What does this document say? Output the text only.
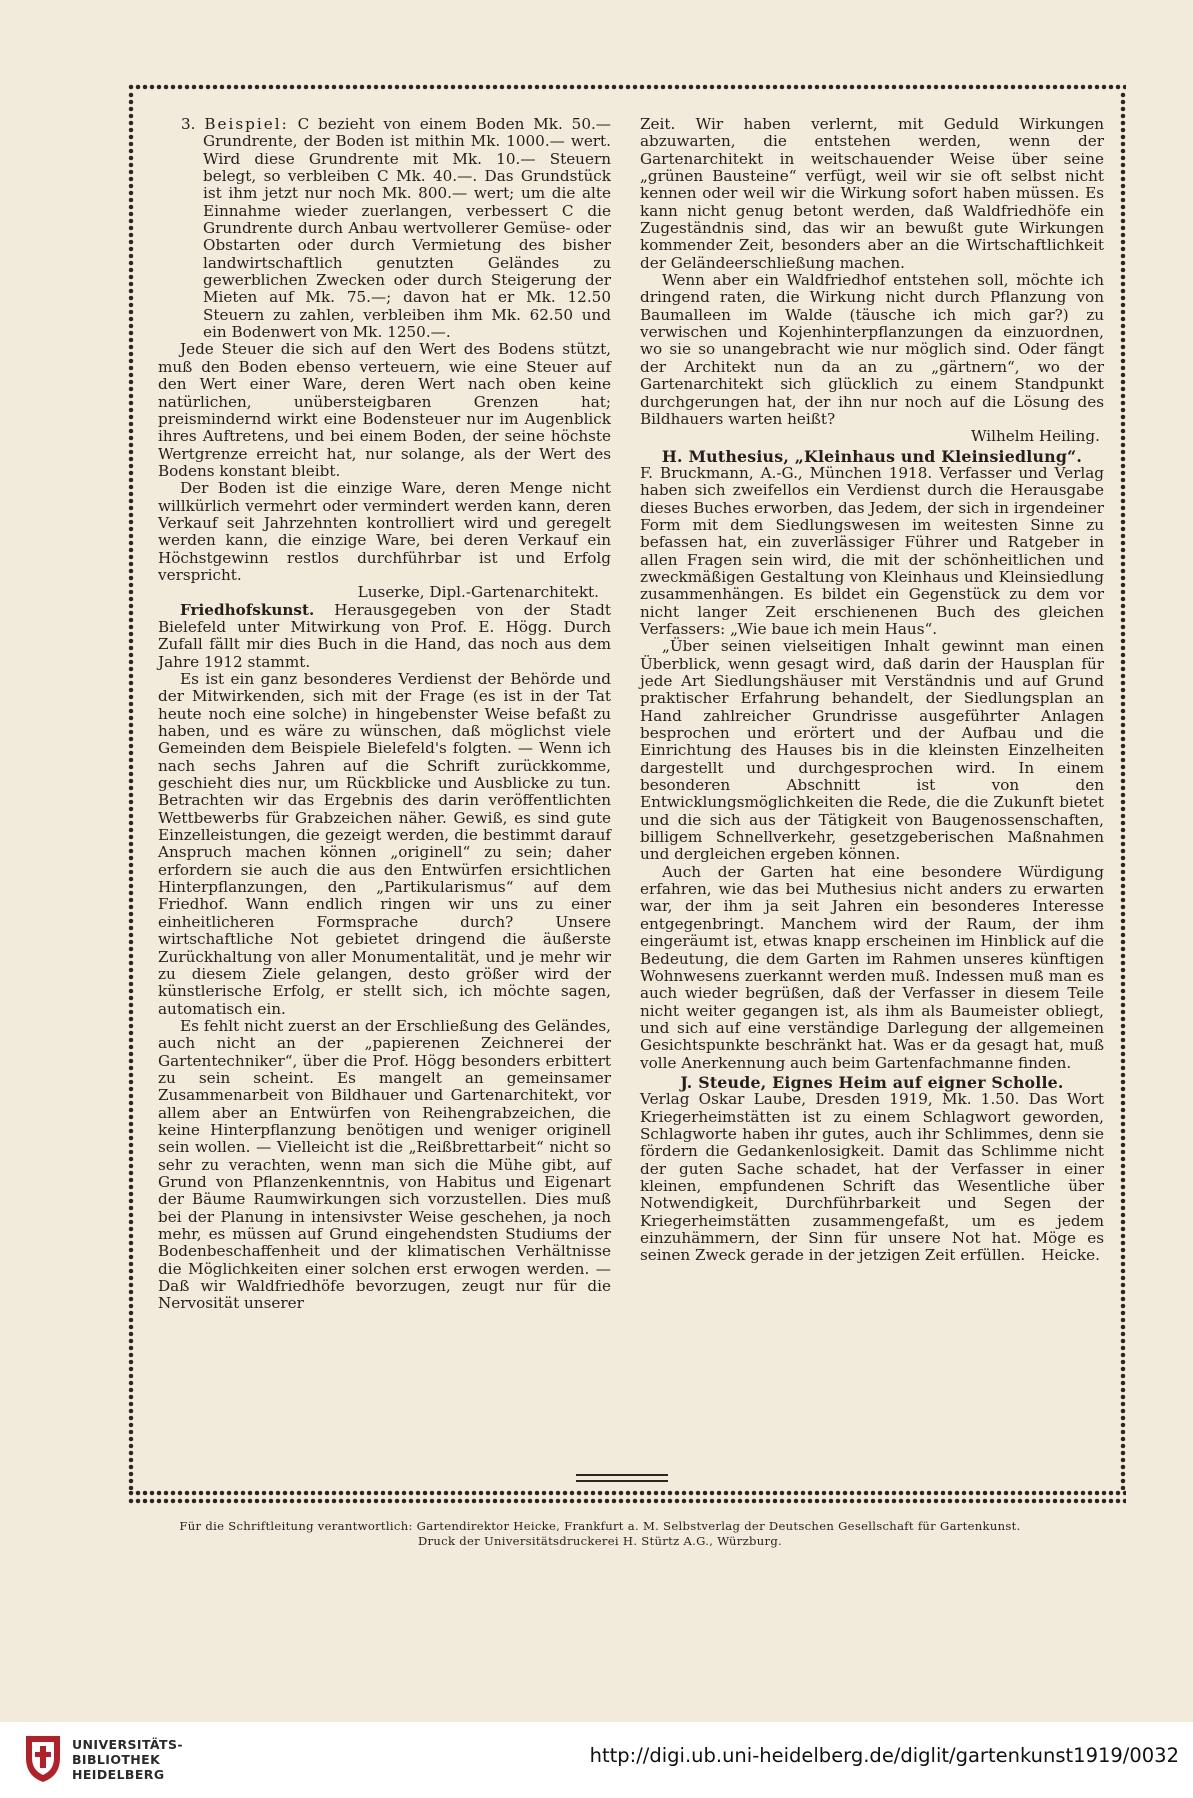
3. Beispiel: C bezieht von einem Boden Mk. 50.— Grundrente, der Boden ist mithin Mk. 1000.— wert. Wird diese Grundrente mit Mk. 10.— Steuern belegt, so verbleiben C Mk. 40.—. Das Grundstück ist ihm jetzt nur noch Mk. 800.— wert; um die alte Einnahme wieder zuerlangen, verbessert C die Grundrente durch Anbau wertvollerer Gemüse- oder Obstarten oder durch Vermietung des bisher landwirtschaftlich genutzten Geländes zu gewerblichen Zwecken oder durch Steigerung der Mieten auf Mk. 75.—; davon hat er Mk. 12.50 Steuern zu zahlen, verbleiben ihm Mk. 62.50 und ein Bodenwert von Mk. 1250.—.

Jede Steuer die sich auf den Wert des Bodens stützt, muß den Boden ebenso verteuern, wie eine Steuer auf den Wert einer Ware, deren Wert nach oben keine natürlichen, unübersteigbaren Grenzen hat; preismindernd wirkt eine Bodensteuer nur im Augenblick ihres Auftretens, und bei einem Boden, der seine höchste Wertgrenze erreicht hat, nur solange, als der Wert des Bodens konstant bleibt.

Der Boden ist die einzige Ware, deren Menge nicht willkürlich vermehrt oder vermindert werden kann, deren Verkauf seit Jahrzehnten kontrolliert wird und geregelt werden kann, die einzige Ware, bei deren Verkauf ein Höchstgewinn restlos durchführbar ist und Erfolg verspricht.

Luserke, Dipl.-Gartenarchitekt.

Friedhofskunst. Herausgegeben von der Stadt Bielefeld unter Mitwirkung von Prof. E. Högg. Durch Zufall fällt mir dies Buch in die Hand, das noch aus dem Jahre 1912 stammt.

Es ist ein ganz besonderes Verdienst der Behörde und der Mitwirkenden, sich mit der Frage (es ist in der Tat heute noch eine solche) in hingebenster Weise befaßt zu haben, und es wäre zu wünschen, daß möglichst viele Gemeinden dem Beispiele Bielefeld's folgten. — Wenn ich nach sechs Jahren auf die Schrift zurückkomme, geschieht dies nur, um Rückblicke und Ausblicke zu tun. Betrachten wir das Ergebnis des darin veröffentlichten Wettbewerbs für Grabzeichen näher. Gewiß, es sind gute Einzelleistungen, die gezeigt werden, die bestimmt darauf Anspruch machen können „originell“ zu sein; daher erfordern sie auch die aus den Entwürfen ersichtlichen Hinterpflanzungen, den „Partikularismus“ auf dem Friedhof. Wann endlich ringen wir uns zu einer einheitlicheren Formsprache durch? Unsere wirtschaftliche Not gebietet dringend die äußerste Zurückhaltung von aller Monumentalität, und je mehr wir zu diesem Ziele gelangen, desto größer wird der künstlerische Erfolg, er stellt sich, ich möchte sagen, automatisch ein.

Es fehlt nicht zuerst an der Erschließung des Geländes, auch nicht an der „papierenen Zeichnerei der Gartentechniker“, über die Prof. Högg besonders erbittert zu sein scheint. Es mangelt an gemeinsamer Zusammenarbeit von Bildhauer und Gartenarchitekt, vor allem aber an Entwürfen von Reihengrabzeichen, die keine Hinterpflanzung benötigen und weniger originell sein wollen. — Vielleicht ist die „Reißbrettarbeit“ nicht so sehr zu verachten, wenn man sich die Mühe gibt, auf Grund von Pflanzenkenntnis, von Habitus und Eigenart der Bäume Raumwirkungen sich vorzustellen. Dies muß bei der Planung in intensivster Weise geschehen, ja noch mehr, es müssen auf Grund eingehendsten Studiums der Bodenbeschaffenheit und der klimatischen Verhältnisse die Möglichkeiten einer solchen erst erwogen werden. — Daß wir Waldfriedhöfe bevorzugen, zeugt nur für die Nervosität unserer

Zeit. Wir haben verlernt, mit Geduld Wirkungen abzuwarten, die entstehen werden, wenn der Gartenarchitekt in weitschauender Weise über seine „grünen Bausteine“ verfügt, weil wir sie oft selbst nicht kennen oder weil wir die Wirkung sofort haben müssen. Es kann nicht genug betont werden, daß Waldfriedhöfe ein Zugeständnis sind, das wir an bewußt gute Wirkungen kommender Zeit, besonders aber an die Wirtschaftlichkeit der Geländeerschließung machen.

Wenn aber ein Waldfriedhof entstehen soll, möchte ich dringend raten, die Wirkung nicht durch Pflanzung von Baumalleen im Walde (täusche ich mich gar?) zu verwischen und Kojenhinterpflanzungen da einzuordnen, wo sie so unangebracht wie nur möglich sind. Oder fängt der Architekt nun da an zu „gärtnern“, wo der Gartenarchitekt sich glücklich zu einem Standpunkt durchgerungen hat, der ihn nur noch auf die Lösung des Bildhauers warten heißt?

Wilhelm Heiling.

H. Muthesius, „Kleinhaus und Kleinsiedlung“.

F. Bruckmann, A.-G., München 1918. Verfasser und Verlag haben sich zweifellos ein Verdienst durch die Herausgabe dieses Buches erworben, das Jedem, der sich in irgendeiner Form mit dem Siedlungswesen im weitesten Sinne zu befassen hat, ein zuverlässiger Führer und Ratgeber in allen Fragen sein wird, die mit der schönheitlichen und zweckmäßigen Gestaltung von Kleinhaus und Kleinsiedlung zusammenhängen. Es bildet ein Gegenstück zu dem vor nicht langer Zeit erschienenen Buch des gleichen Verfassers: „Wie baue ich mein Haus“.

„Über seinen vielseitigen Inhalt gewinnt man einen Überblick, wenn gesagt wird, daß darin der Hausplan für jede Art Siedlungshäuser mit Verständnis und auf Grund praktischer Erfahrung behandelt, der Siedlungsplan an Hand zahlreicher Grundrisse ausgeführter Anlagen besprochen und erörtert und der Aufbau und die Einrichtung des Hauses bis in die kleinsten Einzelheiten dargestellt und durchgesprochen wird. In einem besonderen Abschnitt ist von den Entwicklungsmöglichkeiten die Rede, die die Zukunft bietet und die sich aus der Tätigkeit von Baugenossenschaften, billigem Schnellverkehr, gesetzgeberischen Maßnahmen und dergleichen ergeben können.

Auch der Garten hat eine besondere Würdigung erfahren, wie das bei Muthesius nicht anders zu erwarten war, der ihm ja seit Jahren ein besonderes Interesse entgegenbringt. Manchem wird der Raum, der ihm eingeräumt ist, etwas knapp erscheinen im Hinblick auf die Bedeutung, die dem Garten im Rahmen unseres künftigen Wohnwesens zuerkannt werden muß. Indessen muß man es auch wieder begrüßen, daß der Verfasser in diesem Teile nicht weiter gegangen ist, als ihm als Baumeister obliegt, und sich auf eine verständige Darlegung der allgemeinen Gesichtspunkte beschränkt hat. Was er da gesagt hat, muß volle Anerkennung auch beim Gartenfachmanne finden.

J. Steude, Eignes Heim auf eigner Scholle.

Verlag Oskar Laube, Dresden 1919, Mk. 1.50. Das Wort Kriegerheimstätten ist zu einem Schlagwort geworden, Schlagworte haben ihr gutes, auch ihr Schlimmes, denn sie fördern die Gedankenlosigkeit. Damit das Schlimme nicht der guten Sache schadet, hat der Verfasser in einer kleinen, empfundenen Schrift das Wesentliche über Notwendigkeit, Durchführbarkeit und Segen der Kriegerheimstätten zusammengefaßt, um es jedem einzuhämmern, der Sinn für unsere Not hat. Möge es seinen Zweck gerade in der jetzigen Zeit erfüllen. Heicke.

Für die Schriftleitung verantwortlich: Gartendirektor Heicke, Frankfurt a. M. Selbstverlag der Deutschen Gesellschaft für Gartenkunst.
Druck der Universitätsdruckerei H. Stürtz A.G., Würzburg.
UNIVERSITÄTS-
BIBLIOTHEK
HEIDELBERG
http://digi.ub.uni-heidelberg.de/diglit/gartenkunst1919/0032
